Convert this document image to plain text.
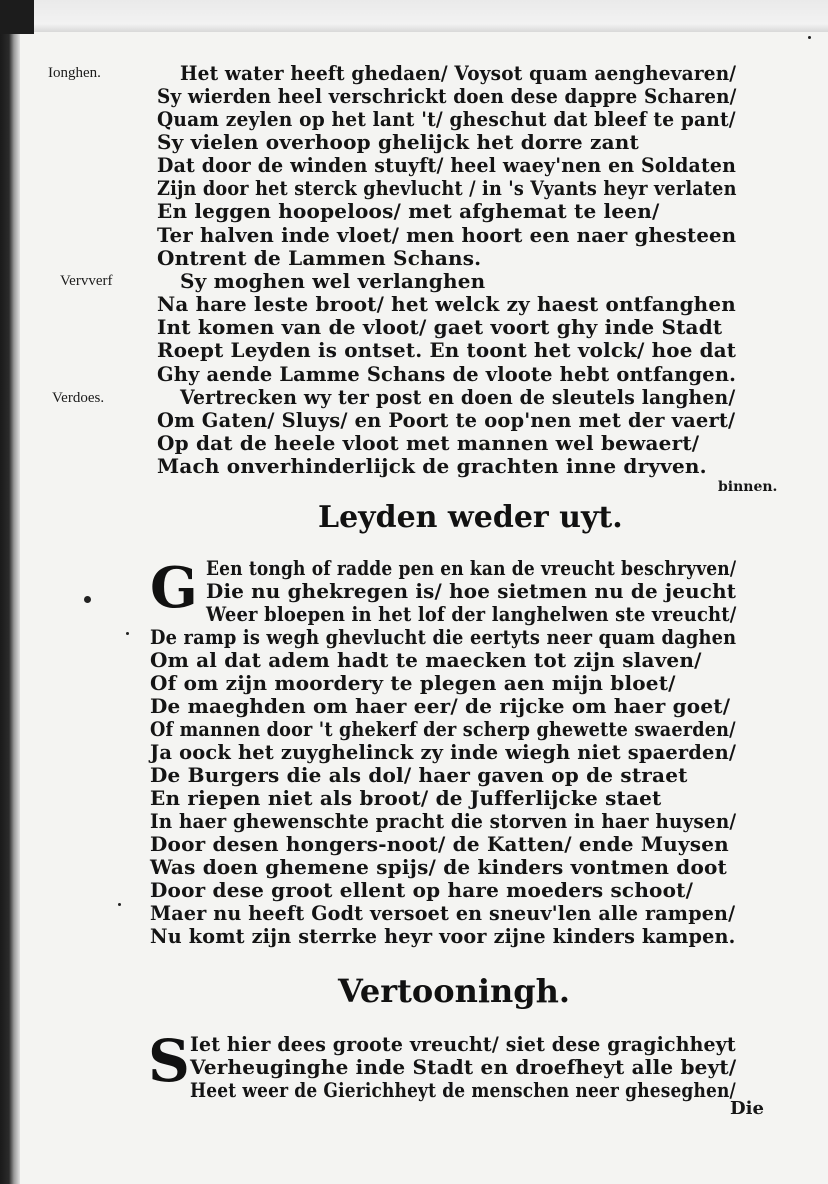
Ionghen.
Vervverf
Verdoes.
Het water heeft ghedaen/ Voysot quam aenghevaren/
Sy wierden heel verschrickt doen dese dappre Scharen/
Quam zeylen op het lant 't/ gheschut dat bleef te pant/
Sy vielen overhoop ghelijck het dorre zant
Dat door de winden stuyft/ heel waey'nen en Soldaten
Zijn door het sterck ghevlucht / in 's Vyants heyr verlaten
En leggen hoopeloos/ met afghemat te leen/
Ter halven inde vloet/ men hoort een naer ghesteen
Ontrent de Lammen Schans.
Sy moghen wel verlanghen
Na hare leste broot/ het welck zy haest ontfanghen
Int komen van de vloot/ gaet voort ghy inde Stadt
Roept Leyden is ontset. En toont het volck/ hoe dat
Ghy aende Lamme Schans de vloote hebt ontfangen.
Vertrecken wy ter post en doen de sleutels langhen/
Om Gaten/ Sluys/ en Poort te oop'nen met der vaert/
Op dat de heele vloot met mannen wel bewaert/
Mach onverhinderlijck de grachten inne dryven.
binnen.
Leyden weder uyt.
G Een tongh of radde pen en kan de vreucht beschryven/
Die nu ghekregen is/ hoe sietmen nu de jeucht
Weer bloepen in het lof der langhelwen ste vreucht/
De ramp is wegh ghevlucht die eertyts neer quam daghen
Om al dat adem hadt te maecken tot zijn slaven/
Of om zijn moordery te plegen aen mijn bloet/
De maeghden om haer eer/ de rijcke om haer goet/
Of mannen door 't ghekerf der scherp ghewette swaerden/
Ja oock het zuyghelinck zy inde wiegh niet spaerden/
De Burgers die als dol/ haer gaven op de straet
En riepen niet als broot/ de Jufferlijcke staet
In haer ghewenschte pracht die storven in haer huysen/
Door desen hongers-noot/ de Katten/ ende Muysen
Was doen ghemene spijs/ de kinders vontmen doot
Door dese groot ellent op hare moeders schoot/
Maer nu heeft Godt versoet en sneuv'len alle rampen/
Nu komt zijn sterrke heyr voor zijne kinders kampen.
Vertooningh.
S Iet hier dees groote vreucht/ siet dese gragichheyt
Verheuginghe inde Stadt en droefheyt alle beyt/
Heet weer de Gierichheyt de menschen neer gheseghen/
Die
